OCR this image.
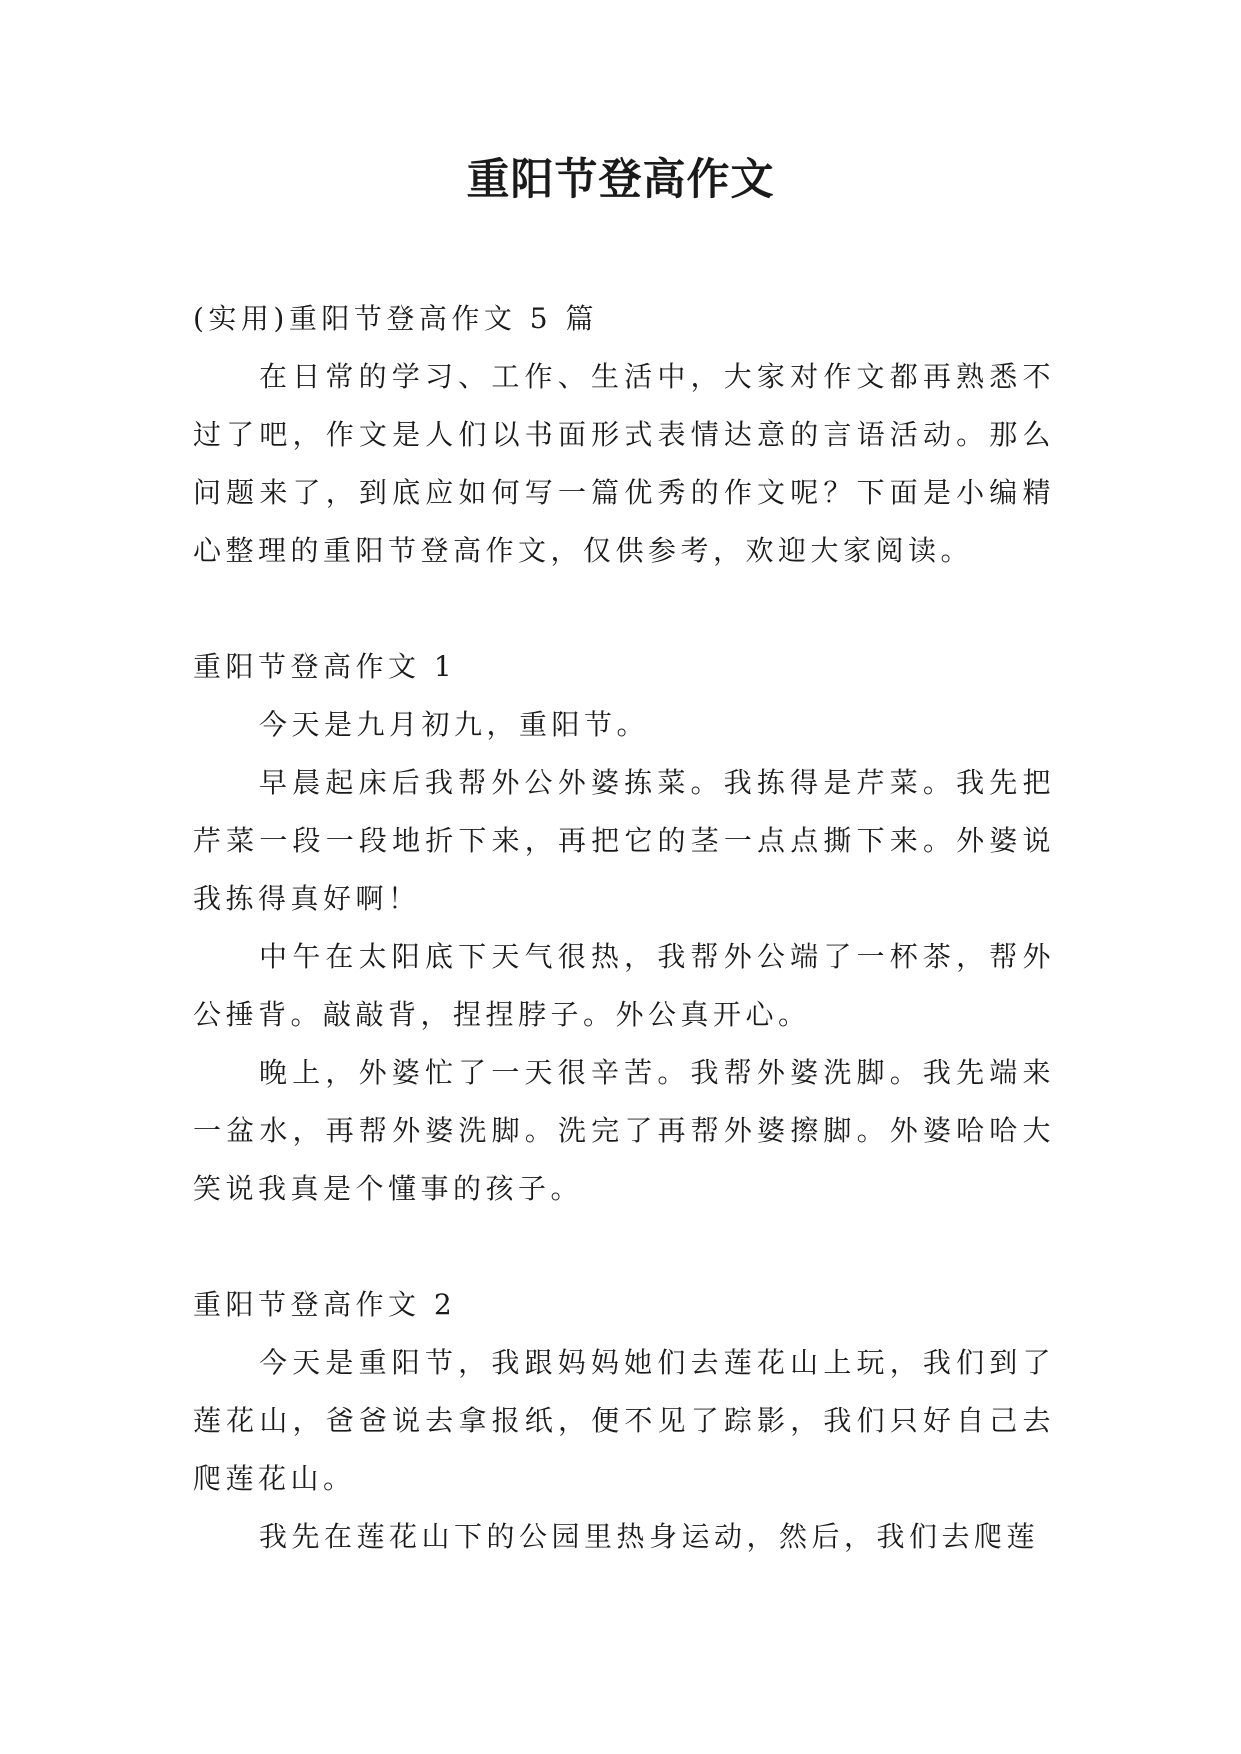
重阳节登高作文

(实用)重阳节登高作文 5 篇

在日常的学习、工作、生活中，大家对作文都再熟悉不过了吧，作文是人们以书面形式表情达意的言语活动。那么问题来了，到底应如何写一篇优秀的作文呢？下面是小编精心整理的重阳节登高作文，仅供参考，欢迎大家阅读。

重阳节登高作文 1

今天是九月初九，重阳节。

早晨起床后我帮外公外婆拣菜。我拣得是芹菜。我先把芹菜一段一段地折下来，再把它的茎一点点撕下来。外婆说我拣得真好啊！

中午在太阳底下天气很热，我帮外公端了一杯茶，帮外公捶背。敲敲背，捏捏脖子。外公真开心。

晚上，外婆忙了一天很辛苦。我帮外婆洗脚。我先端来一盆水，再帮外婆洗脚。洗完了再帮外婆擦脚。外婆哈哈大笑说我真是个懂事的孩子。

重阳节登高作文 2

今天是重阳节，我跟妈妈她们去莲花山上玩，我们到了莲花山，爸爸说去拿报纸，便不见了踪影，我们只好自己去爬莲花山。

我先在莲花山下的公园里热身运动，然后，我们去爬莲
